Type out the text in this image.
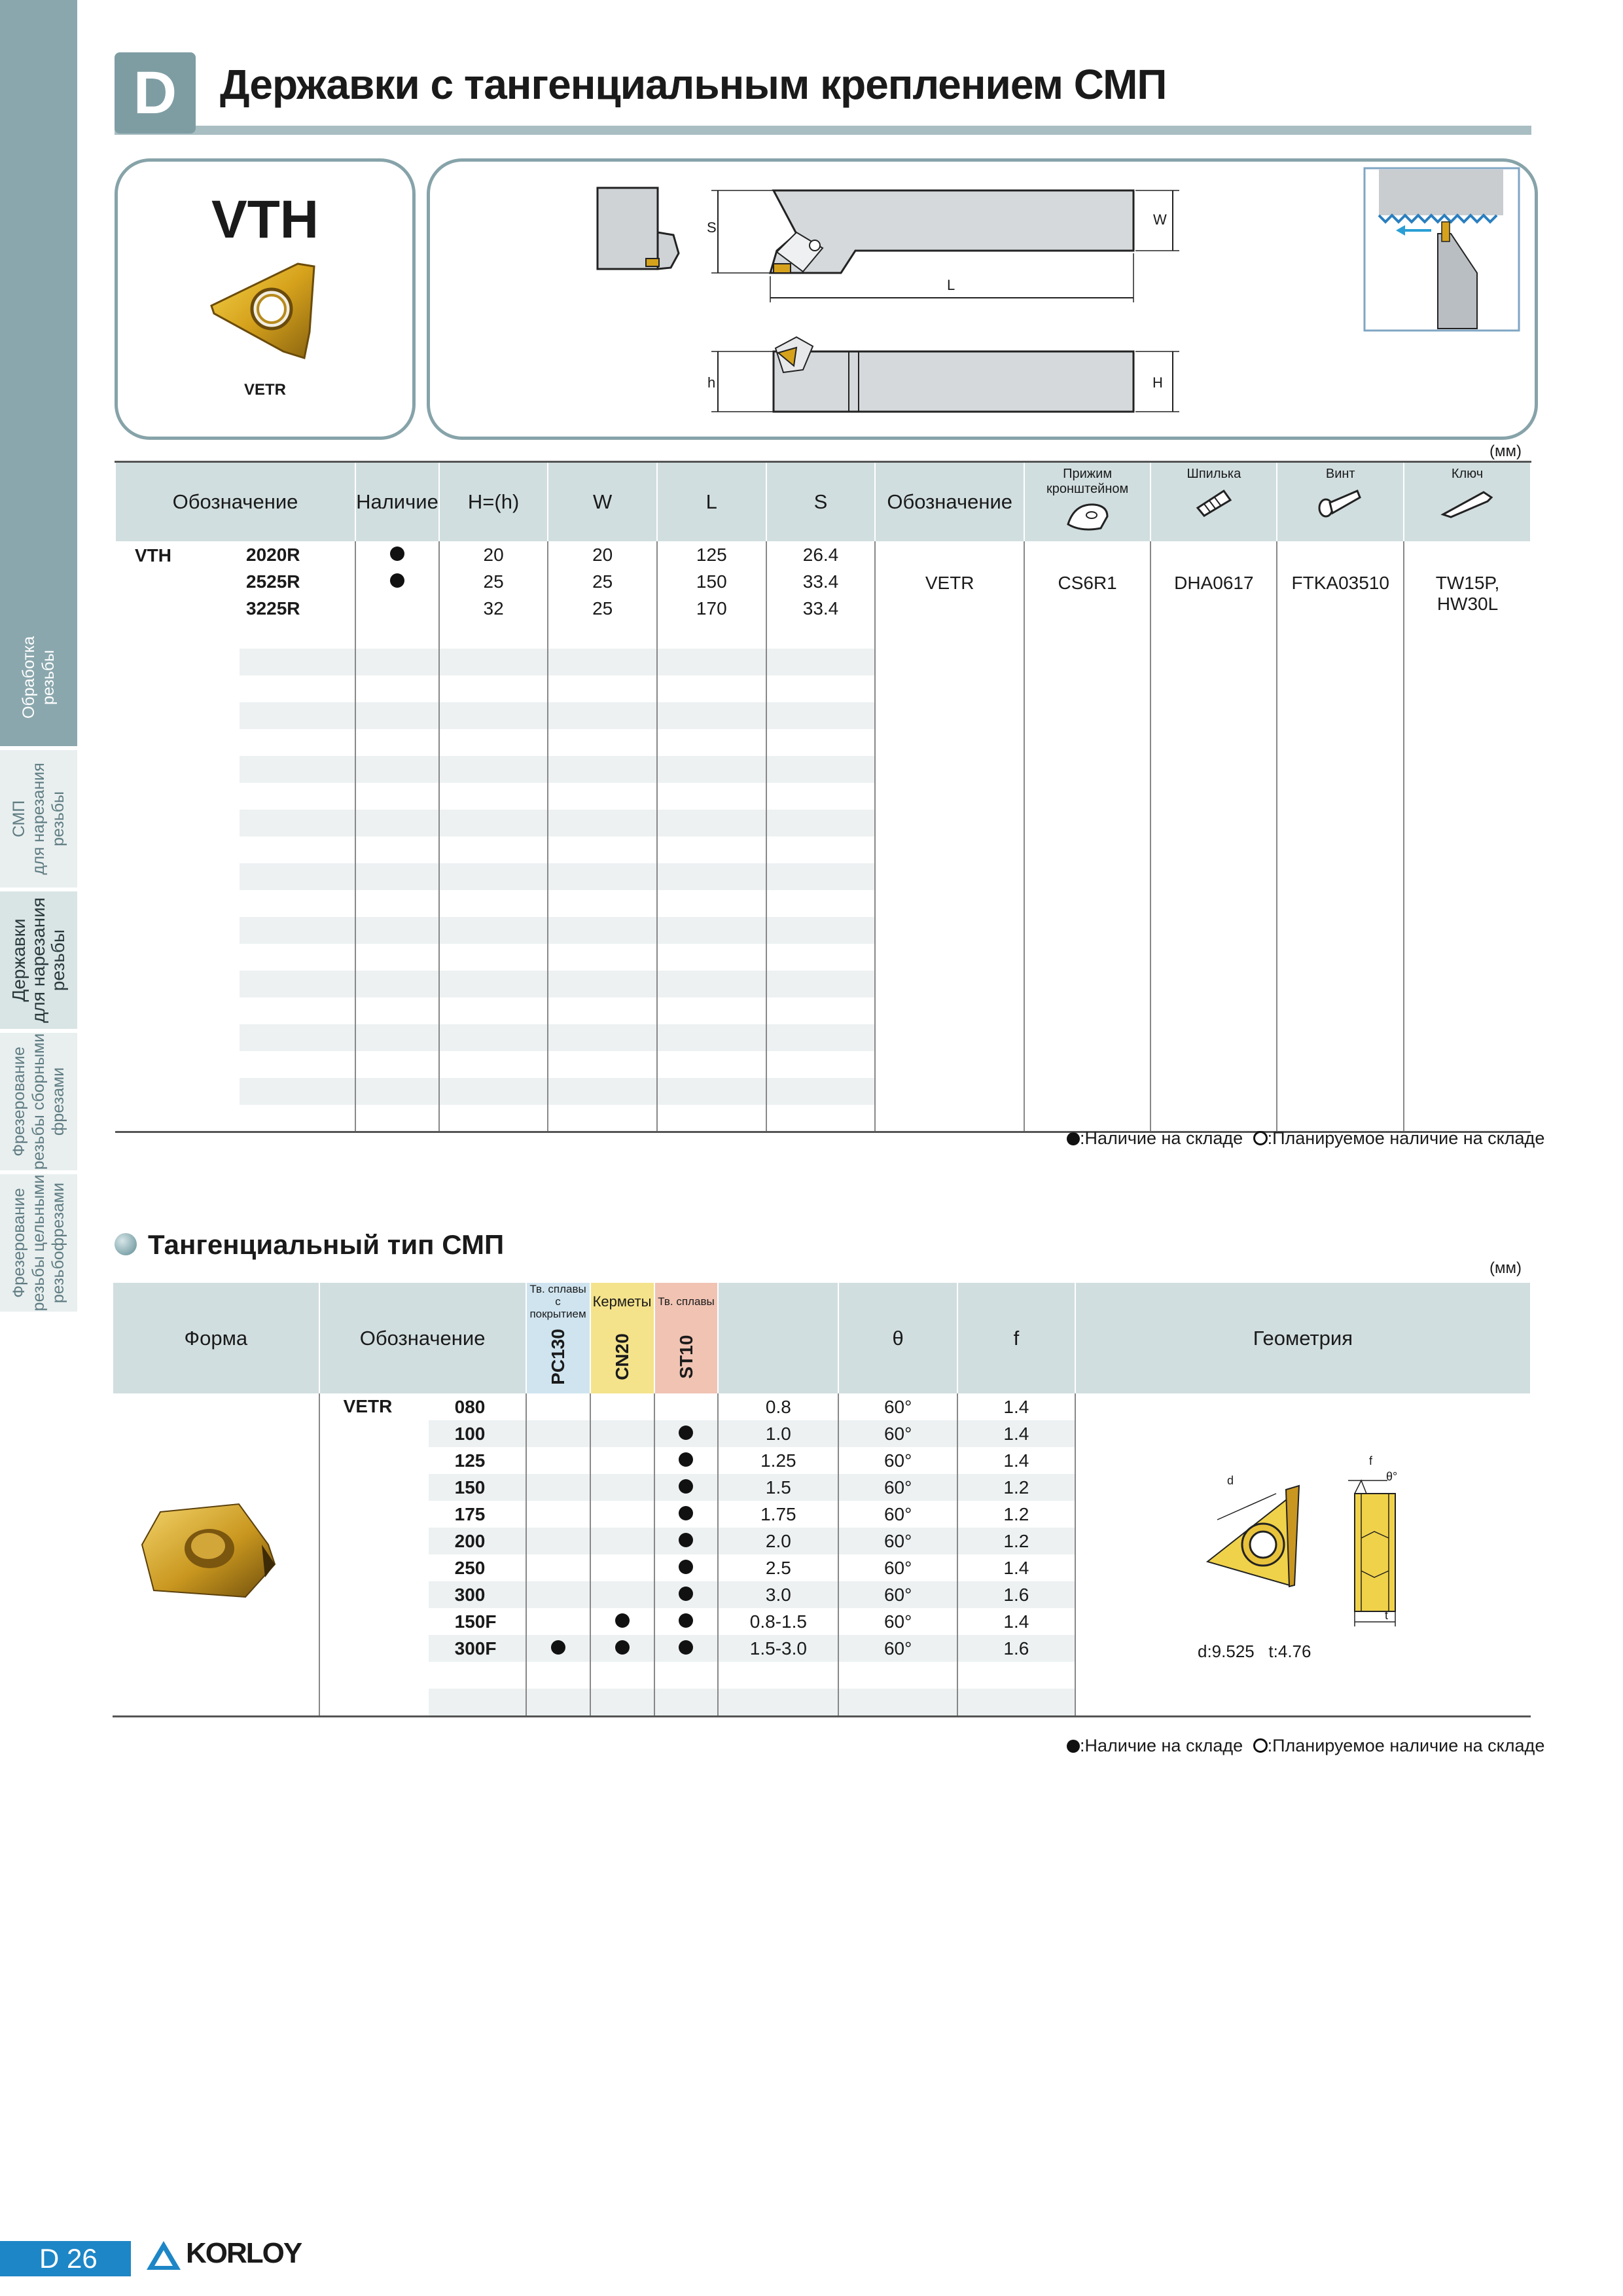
Обработка
резьбы
СМП
для нарезания
резьбы
Державки
для нарезания
резьбы
Фрезерование
резьбы сборными
фрезами
Фрезерование
резьбы цельными
резьбофрезами
D	Державки с тангенциальным креплением СМП
VTH
VETR
S	W
L
h	H
(мм)
Обозначение	Наличие	H=(h)	W	L	S	Обозначение	Прижим кронштейном	Шпилька	Винт	Ключ

VTH 2020R		20	20	125	26.4	VETR	CS6R1	DHA0617	FTKA03510	TW15P, HW30L

2525R		25	25	150	33.4					

3225R		32	25	170	33.4					

:Наличие на складе :Планируемое наличие на складе
Тангенциальный тип СМП
(мм)
Форма	Обозначение	Тв. сплавы с покрытием	Керметы	Тв. сплавы		θ	f	Геометрия

		PC130	CN20	ST10				

	VETR 080				0.8	60°	1.4	

	100				1.0	60°	1.4	

	125				1.25	60°	1.4	

	150				1.5	60°	1.2	

	175				1.75	60°	1.2	

	200				2.0	60°	1.2	

	250				2.5	60°	1.4	

	300				3.0	60°	1.6	

	150F				0.8-1.5	60°	1.4	

	300F				1.5-3.0	60°	1.6	

d
f
θ°
t
d:9.525   t:4.76
:Наличие на складе :Планируемое наличие на складе
D 26	KORLOY
